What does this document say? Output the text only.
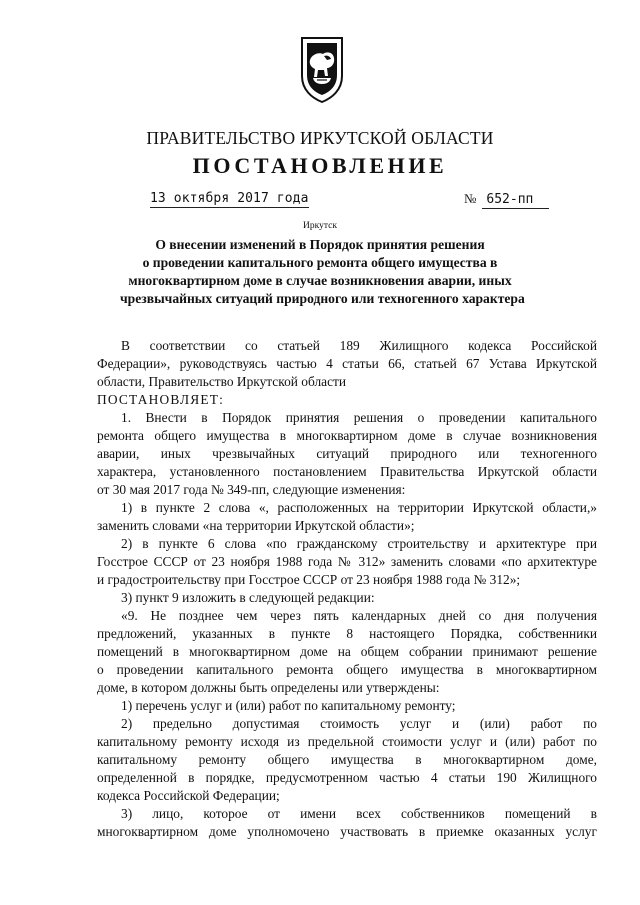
ПРАВИТЕЛЬСТВО ИРКУТСКОЙ ОБЛАСТИ
ПОСТАНОВЛЕНИЕ
13 октября 2017 года	№ 652-пп
Иркутск
О внесении изменений в Порядок принятия решения
о проведении капитального ремонта общего имущества в
многоквартирном доме в случае возникновения аварии, иных
чрезвычайных ситуаций природного или техногенного характера

В соответствии со статьей 189 Жилищного кодекса Российской

Федерации», руководствуясь частью 4 статьи 66, статьей 67 Устава Иркутской

области, Правительство Иркутской области

ПОСТАНОВЛЯЕТ:

1. Внести в Порядок принятия решения о проведении капитального

ремонта общего имущества в многоквартирном доме в случае возникновения

аварии, иных чрезвычайных ситуаций природного или техногенного

характера, установленного постановлением Правительства Иркутской области

от 30 мая 2017 года № 349-пп, следующие изменения:

1) в пункте 2 слова «, расположенных на территории Иркутской области,»

заменить словами «на территории Иркутской области»;

2) в пункте 6 слова «по гражданскому строительству и архитектуре при

Госстрое СССР от 23 ноября 1988 года № 312» заменить словами «по архитектуре

и градостроительству при Госстрое СССР от 23 ноября 1988 года № 312»;

3) пункт 9 изложить в следующей редакции:

«9. Не позднее чем через пять календарных дней со дня получения

предложений, указанных в пункте 8 настоящего Порядка, собственники

помещений в многоквартирном доме на общем собрании принимают решение

о проведении капитального ремонта общего имущества в многоквартирном

доме, в котором должны быть определены или утверждены:

1) перечень услуг и (или) работ по капитальному ремонту;

2) предельно допустимая стоимость услуг и (или) работ по

капитальному ремонту исходя из предельной стоимости услуг и (или) работ по

капитальному ремонту общего имущества в многоквартирном доме,

определенной в порядке, предусмотренном частью 4 статьи 190 Жилищного

кодекса Российской Федерации;

3) лицо, которое от имени всех собственников помещений в

многоквартирном доме уполномочено участвовать в приемке оказанных услуг
